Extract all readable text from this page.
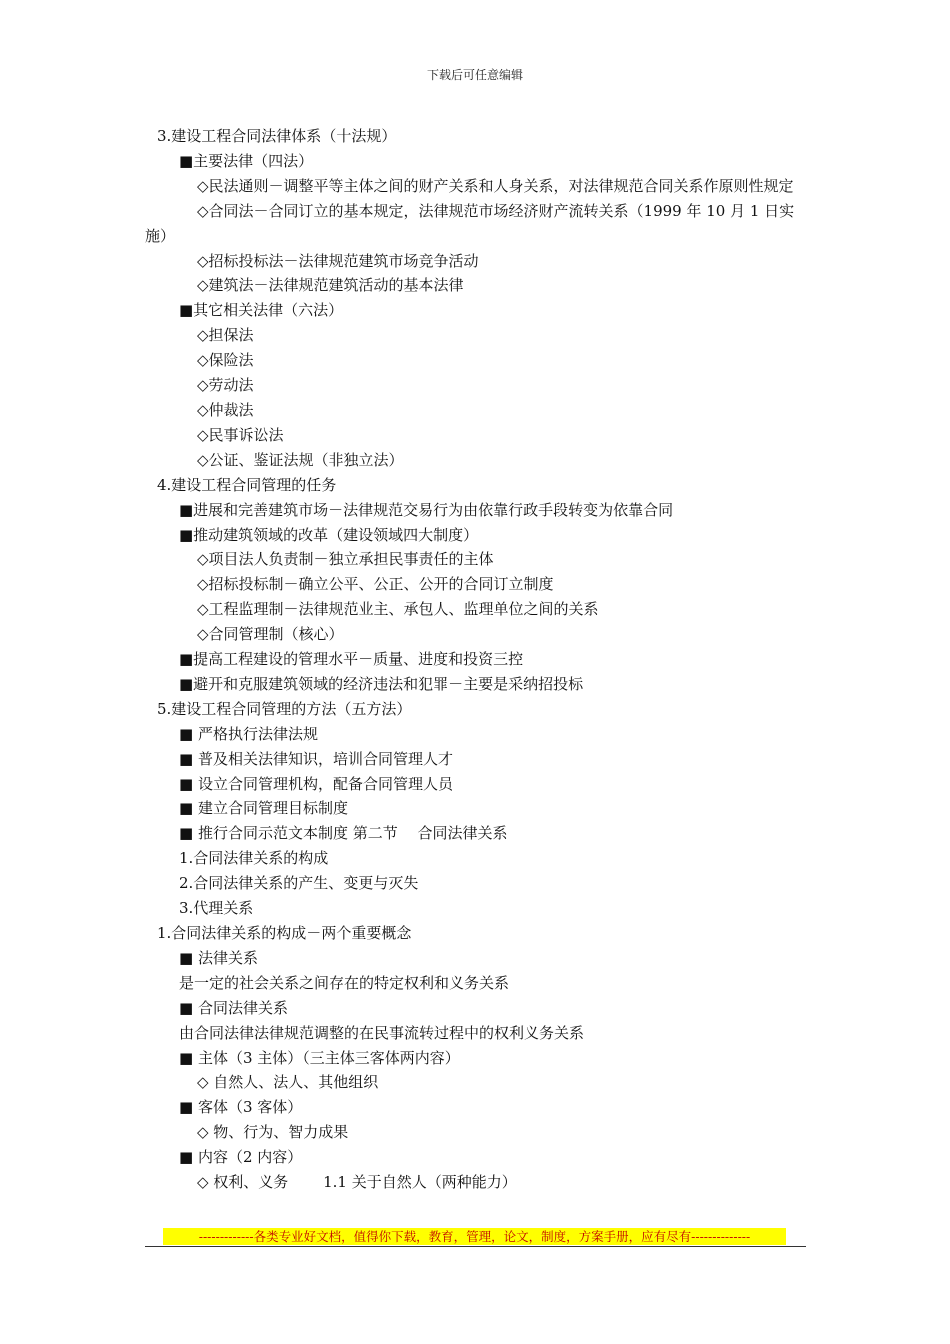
下载后可任意编辑
3.建设工程合同法律体系（十法规）
■主要法律（四法）
◇民法通则－调整平等主体之间的财产关系和人身关系，对法律规范合同关系作原则性规定
◇合同法－合同订立的基本规定，法律规范市场经济财产流转关系（1999 年 10 月 1 日实施）
◇招标投标法－法律规范建筑市场竞争活动
◇建筑法－法律规范建筑活动的基本法律
■其它相关法律（六法）
◇担保法
◇保险法
◇劳动法
◇仲裁法
◇民事诉讼法
◇公证、鉴证法规（非独立法）
4.建设工程合同管理的任务
■进展和完善建筑市场－法律规范交易行为由依靠行政手段转变为依靠合同
■推动建筑领域的改革（建设领域四大制度）
◇项目法人负责制－独立承担民事责任的主体
◇招标投标制－确立公平、公正、公开的合同订立制度
◇工程监理制－法律规范业主、承包人、监理单位之间的关系
◇合同管理制（核心）
■提高工程建设的管理水平－质量、进度和投资三控
■避开和克服建筑领域的经济违法和犯罪－主要是采纳招投标
5.建设工程合同管理的方法（五方法）
■ 严格执行法律法规
■ 普及相关法律知识，培训合同管理人才
■ 设立合同管理机构，配备合同管理人员
■ 建立合同管理目标制度
■ 推行合同示范文本制度 第二节　 合同法律关系
1.合同法律关系的构成
2.合同法律关系的产生、变更与灭失
3.代理关系
1.合同法律关系的构成－两个重要概念
■ 法律关系
是一定的社会关系之间存在的特定权利和义务关系
■ 合同法律关系
由合同法律法律规范调整的在民事流转过程中的权利义务关系
■ 主体（3 主体）（三主体三客体两内容）
◇ 自然人、法人、其他组织
■ 客体（3 客体）
◇ 物、行为、智力成果
■ 内容（2 内容）
◇ 权利、义务　　 1.1 关于自然人（两种能力）
-------------各类专业好文档，值得你下载，教育，管理，论文，制度，方案手册，应有尽有--------------
